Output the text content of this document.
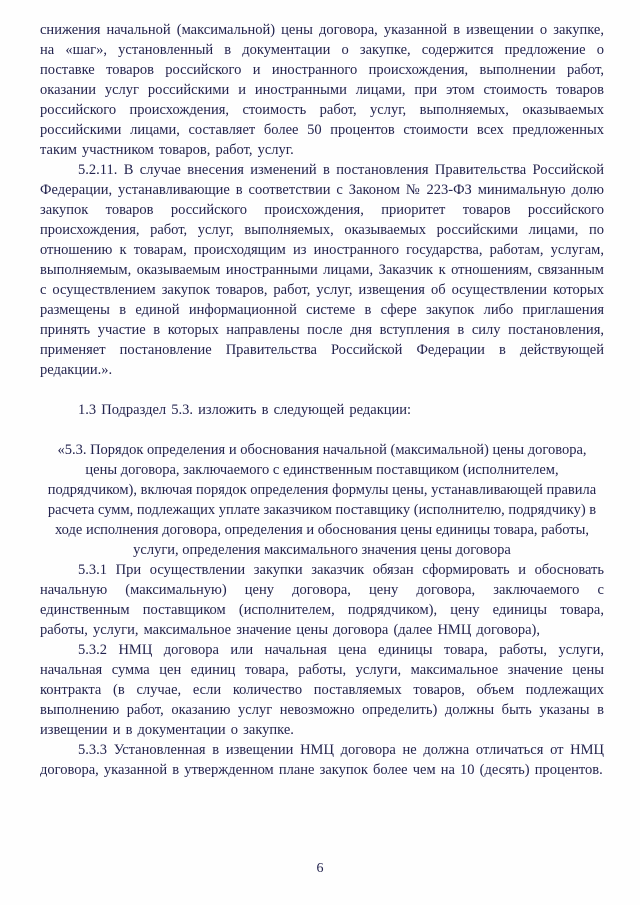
снижения начальной (максимальной) цены договора, указанной в извещении о закупке, на «шаг», установленный в документации о закупке, содержится предложение о поставке товаров российского и иностранного происхождения, выполнении работ, оказании услуг российскими и иностранными лицами, при этом стоимость товаров российского происхождения, стоимость работ, услуг, выполняемых, оказываемых российскими лицами, составляет более 50 процентов стоимости всех предложенных таким участником товаров, работ, услуг.

5.2.11. В случае внесения изменений в постановления Правительства Российской Федерации, устанавливающие в соответствии с Законом № 223-ФЗ минимальную долю закупок товаров российского происхождения, приоритет товаров российского происхождения, работ, услуг, выполняемых, оказываемых российскими лицами, по отношению к товарам, происходящим из иностранного государства, работам, услугам, выполняемым, оказываемым иностранными лицами, Заказчик к отношениям, связанным с осуществлением закупок товаров, работ, услуг, извещения об осуществлении которых размещены в единой информационной системе в сфере закупок либо приглашения принять участие в которых направлены после дня вступления в силу постановления, применяет постановление Правительства Российской Федерации в действующей редакции.».

1.3 Подраздел 5.3. изложить в следующей редакции:

«5.3. Порядок определения и обоснования начальной (максимальной) цены договора, цены договора, заключаемого с единственным поставщиком (исполнителем, подрядчиком), включая порядок определения формулы цены, устанавливающей правила расчета сумм, подлежащих уплате заказчиком поставщику (исполнителю, подрядчику) в ходе исполнения договора, определения и обоснования цены единицы товара, работы, услуги, определения максимального значения цены договора

5.3.1 При осуществлении закупки заказчик обязан сформировать и обосновать начальную (максимальную) цену договора, цену договора, заключаемого с единственным поставщиком (исполнителем, подрядчиком), цену единицы товара, работы, услуги, максимальное значение цены договора (далее НМЦ договора),

5.3.2 НМЦ договора или начальная цена единицы товара, работы, услуги, начальная сумма цен единиц товара, работы, услуги, максимальное значение цены контракта (в случае, если количество поставляемых товаров, объем подлежащих выполнению работ, оказанию услуг невозможно определить) должны быть указаны в извещении и в документации о закупке.

5.3.3 Установленная в извещении НМЦ договора не должна отличаться от НМЦ договора, указанной в утвержденном плане закупок более чем на 10 (десять) процентов.

6
